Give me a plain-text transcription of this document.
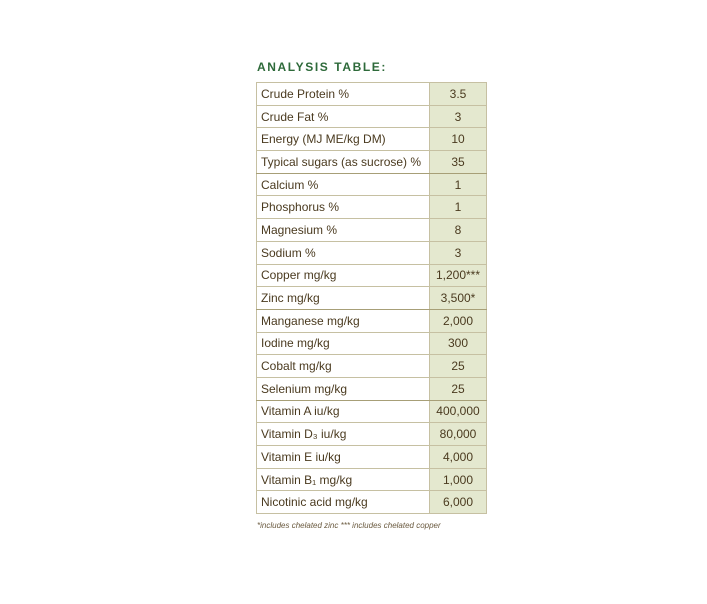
ANALYSIS TABLE:
Crude Protein %	3.5
Crude Fat %	3
Energy (MJ ME/kg DM)	10
Typical sugars (as sucrose) %	35
Calcium %	1
Phosphorus %	1
Magnesium %	8
Sodium %	3
Copper mg/kg	1,200***
Zinc mg/kg	3,500*
Manganese mg/kg	2,000
Iodine mg/kg	300
Cobalt mg/kg	25
Selenium mg/kg	25
Vitamin A iu/kg	400,000
Vitamin D₃ iu/kg	80,000
Vitamin E iu/kg	4,000
Vitamin B₁ mg/kg	1,000
Nicotinic acid mg/kg	6,000
*includes chelated zinc *** includes chelated copper
